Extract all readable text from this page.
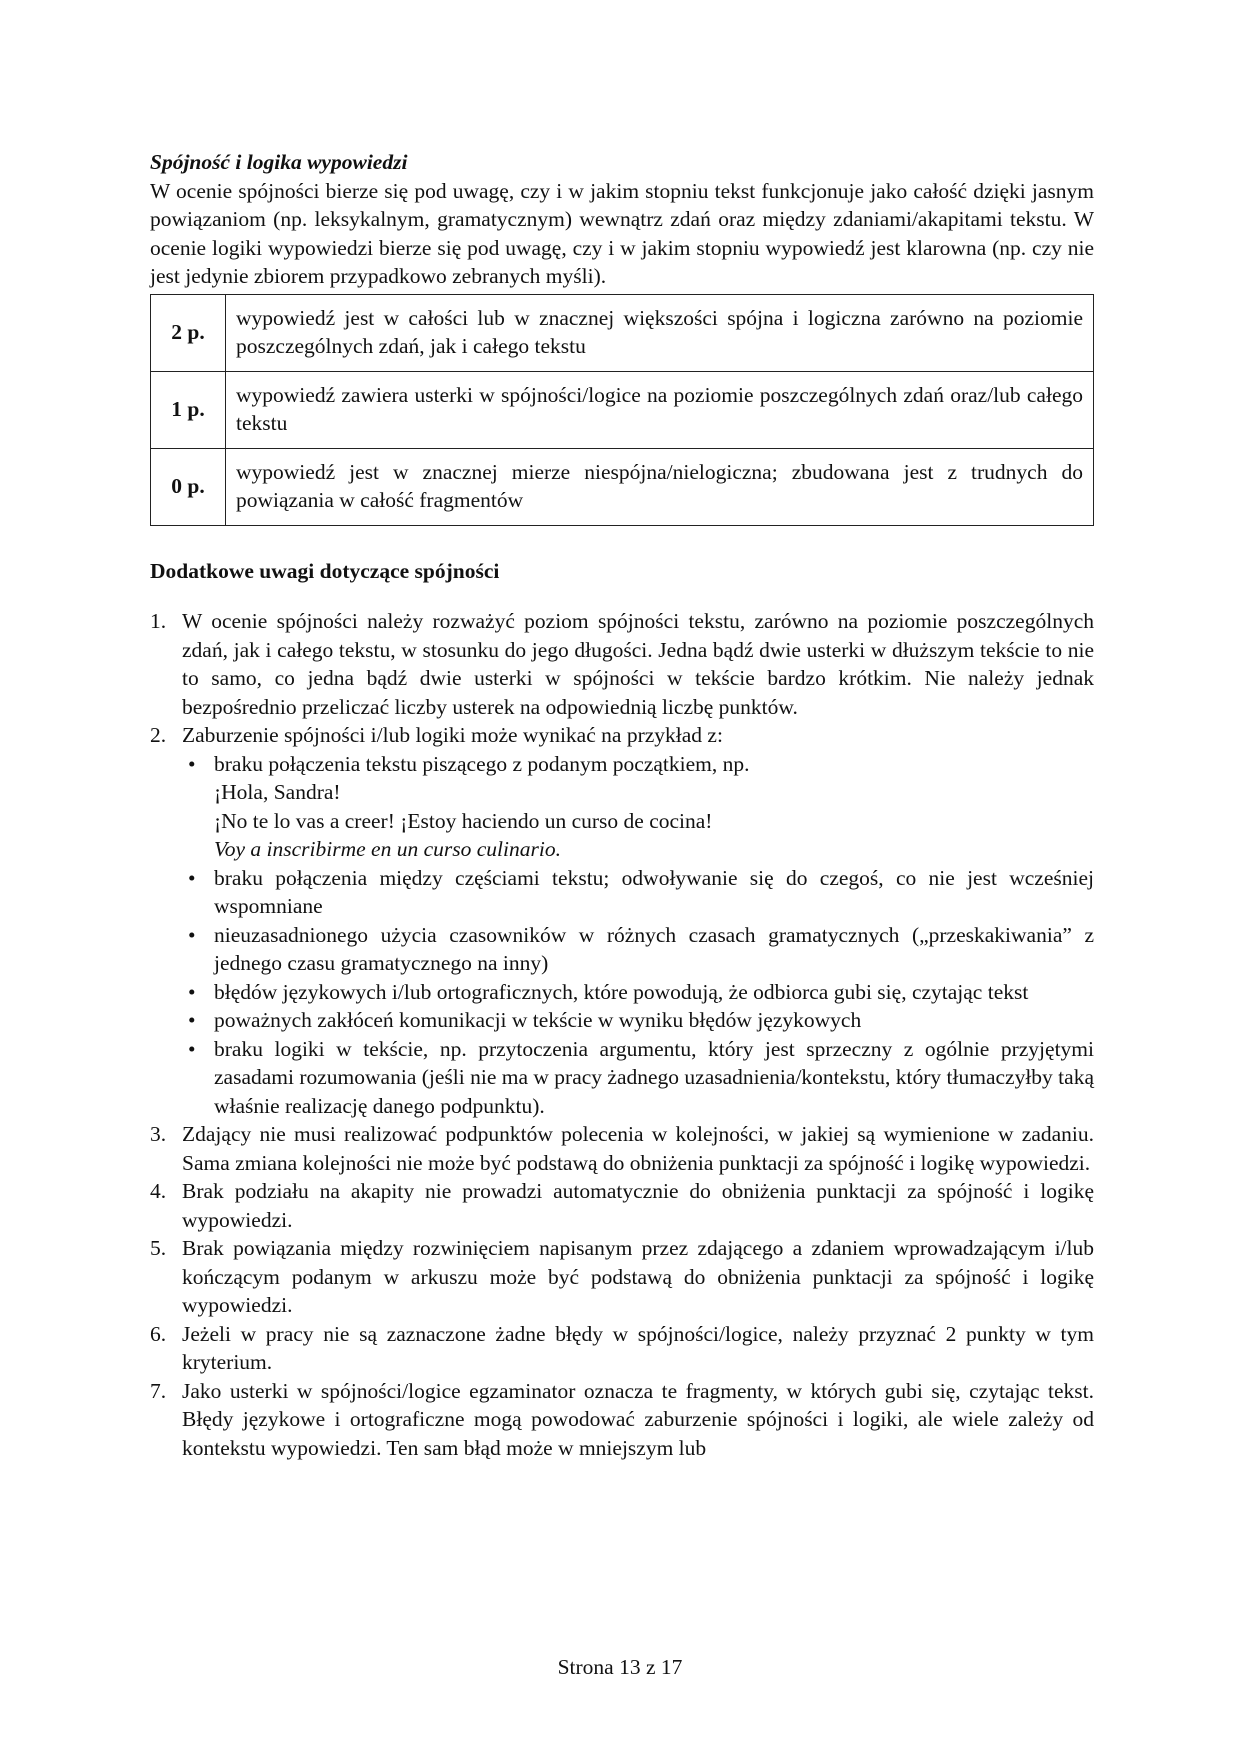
Spójność i logika wypowiedzi
W ocenie spójności bierze się pod uwagę, czy i w jakim stopniu tekst funkcjonuje jako całość dzięki jasnym powiązaniom (np. leksykalnym, gramatycznym) wewnątrz zdań oraz między zdaniami/akapitami tekstu. W ocenie logiki wypowiedzi bierze się pod uwagę, czy i w jakim stopniu wypowiedź jest klarowna (np. czy nie jest jedynie zbiorem przypadkowo zebranych myśli).
2 p.	wypowiedź jest w całości lub w znacznej większości spójna i logiczna zarówno na poziomie poszczególnych zdań, jak i całego tekstu
1 p.	wypowiedź zawiera usterki w spójności/logice na poziomie poszczególnych zdań oraz/lub całego tekstu
0 p.	wypowiedź jest w znacznej mierze niespójna/nielogiczna; zbudowana jest z trudnych do powiązania w całość fragmentów
Dodatkowe uwagi dotyczące spójności
1. W ocenie spójności należy rozważyć poziom spójności tekstu, zarówno na poziomie poszczególnych zdań, jak i całego tekstu, w stosunku do jego długości. Jedna bądź dwie usterki w dłuższym tekście to nie to samo, co jedna bądź dwie usterki w spójności w tekście bardzo krótkim. Nie należy jednak bezpośrednio przeliczać liczby usterek na odpowiednią liczbę punktów.
2. Zaburzenie spójności i/lub logiki może wynikać na przykład z:
• braku połączenia tekstu piszącego z podanym początkiem, np.
¡Hola, Sandra!
¡No te lo vas a creer! ¡Estoy haciendo un curso de cocina!
Voy a inscribirme en un curso culinario.
• braku połączenia między częściami tekstu; odwoływanie się do czegoś, co nie jest wcześniej wspomniane
• nieuzasadnionego użycia czasowników w różnych czasach gramatycznych („przeskakiwania” z jednego czasu gramatycznego na inny)
• błędów językowych i/lub ortograficznych, które powodują, że odbiorca gubi się, czytając tekst
• poważnych zakłóceń komunikacji w tekście w wyniku błędów językowych
• braku logiki w tekście, np. przytoczenia argumentu, który jest sprzeczny z ogólnie przyjętymi zasadami rozumowania (jeśli nie ma w pracy żadnego uzasadnienia/kontekstu, który tłumaczyłby taką właśnie realizację danego podpunktu).
3. Zdający nie musi realizować podpunktów polecenia w kolejności, w jakiej są wymienione w zadaniu. Sama zmiana kolejności nie może być podstawą do obniżenia punktacji za spójność i logikę wypowiedzi.
4. Brak podziału na akapity nie prowadzi automatycznie do obniżenia punktacji za spójność i logikę wypowiedzi.
5. Brak powiązania między rozwinięciem napisanym przez zdającego a zdaniem wprowadzającym i/lub kończącym podanym w arkuszu może być podstawą do obniżenia punktacji za spójność i logikę wypowiedzi.
6. Jeżeli w pracy nie są zaznaczone żadne błędy w spójności/logice, należy przyznać 2 punkty w tym kryterium.
7. Jako usterki w spójności/logice egzaminator oznacza te fragmenty, w których gubi się, czytając tekst. Błędy językowe i ortograficzne mogą powodować zaburzenie spójności i logiki, ale wiele zależy od kontekstu wypowiedzi. Ten sam błąd może w mniejszym lub
Strona 13 z 17
